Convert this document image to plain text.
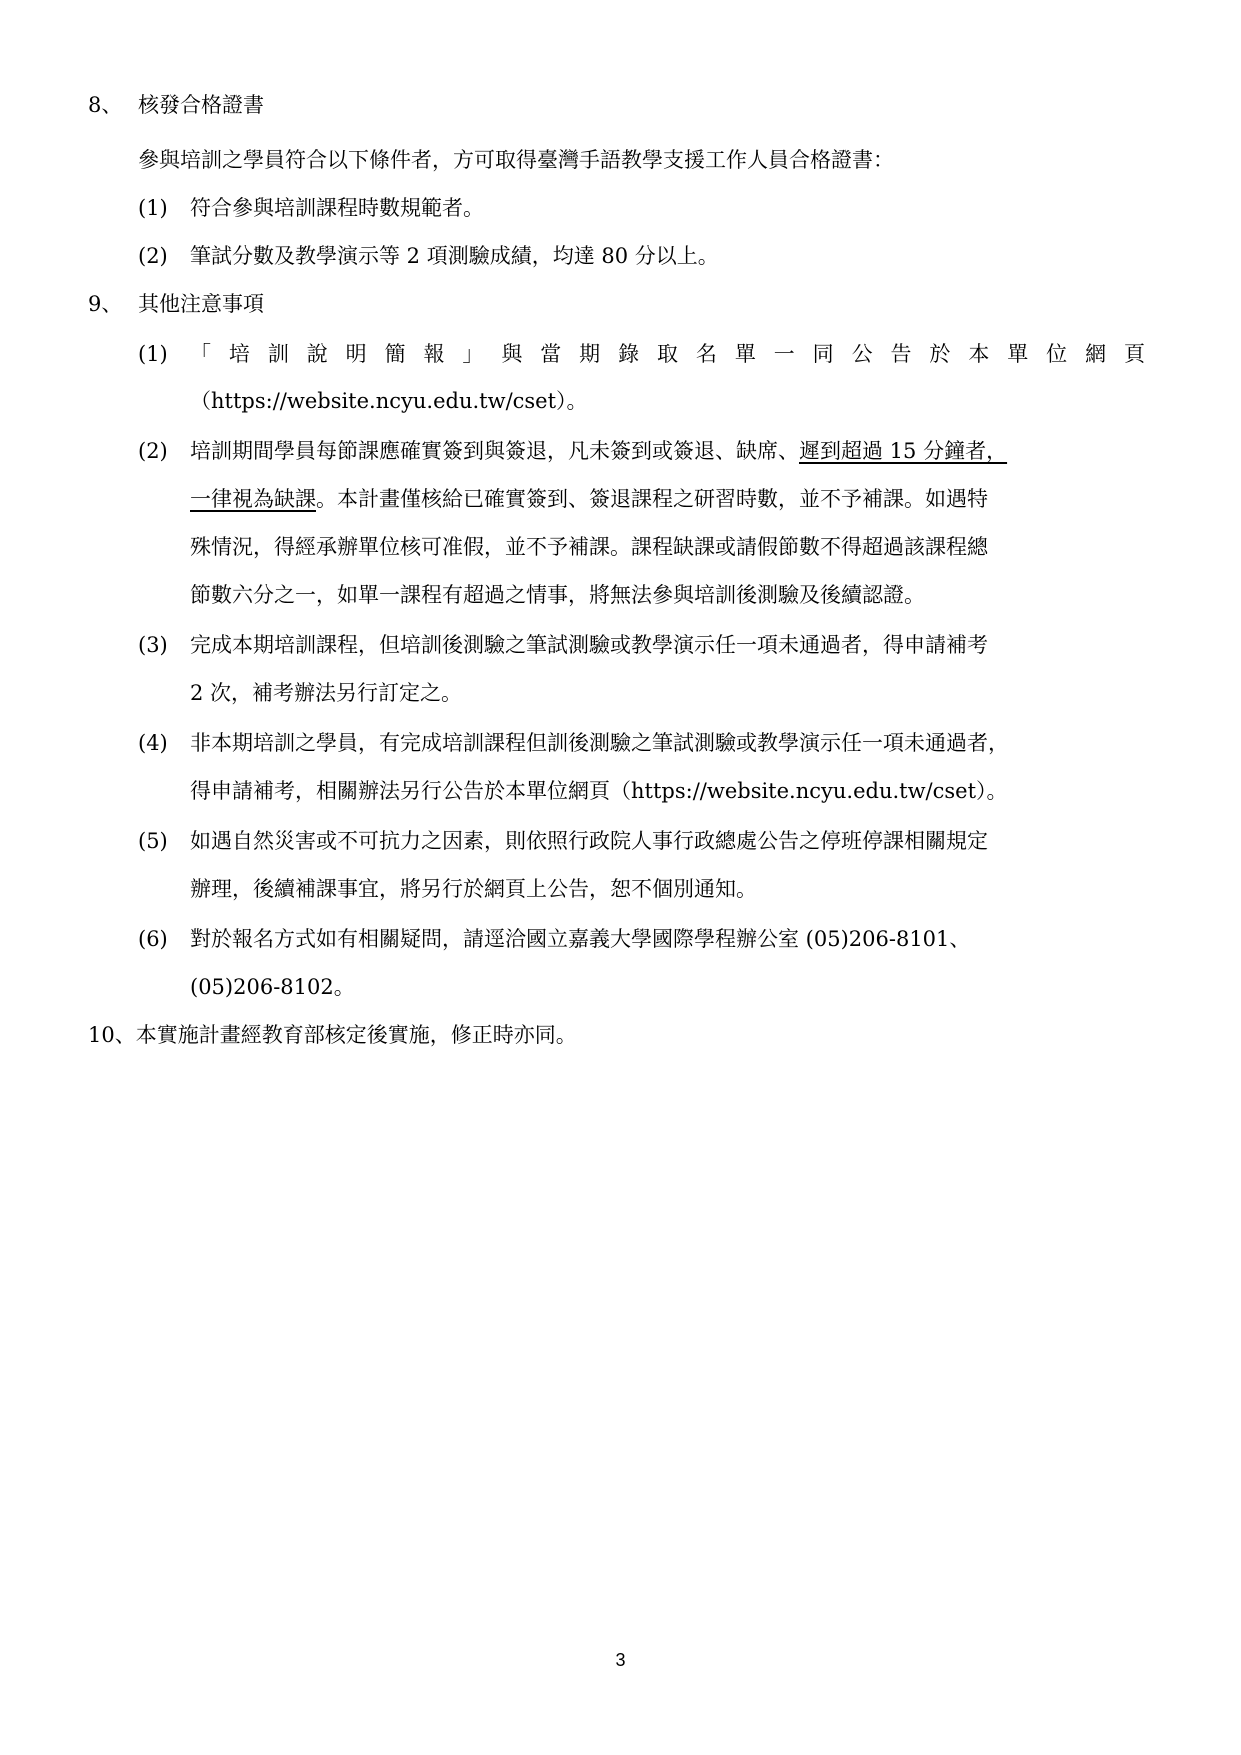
8、 核發合格證書
參與培訓之學員符合以下條件者，方可取得臺灣手語教學支援工作人員合格證書：
(1) 符合參與培訓課程時數規範者。
(2) 筆試分數及教學演示等 2 項測驗成績，均達 80 分以上。
9、 其他注意事項
(1) 「培訓說明簡報」與當期錄取名單一同公告於本單位網頁
（https://website.ncyu.edu.tw/cset）。
(2) 培訓期間學員每節課應確實簽到與簽退，凡未簽到或簽退、缺席、遲到超過 15 分鐘者，
一律視為缺課。本計畫僅核給已確實簽到、簽退課程之研習時數，並不予補課。如遇特
殊情況，得經承辦單位核可准假，並不予補課。課程缺課或請假節數不得超過該課程總
節數六分之一，如單一課程有超過之情事，將無法參與培訓後測驗及後續認證。
(3) 完成本期培訓課程，但培訓後測驗之筆試測驗或教學演示任一項未通過者，得申請補考
2 次，補考辦法另行訂定之。
(4) 非本期培訓之學員，有完成培訓課程但訓後測驗之筆試測驗或教學演示任一項未通過者，
得申請補考，相關辦法另行公告於本單位網頁（https://website.ncyu.edu.tw/cset）。
(5) 如遇自然災害或不可抗力之因素，則依照行政院人事行政總處公告之停班停課相關規定
辦理，後續補課事宜，將另行於網頁上公告，恕不個別通知。
(6) 對於報名方式如有相關疑問，請逕洽國立嘉義大學國際學程辦公室 (05)206-8101、
(05)206-8102。
10、本實施計畫經教育部核定後實施，修正時亦同。
3
